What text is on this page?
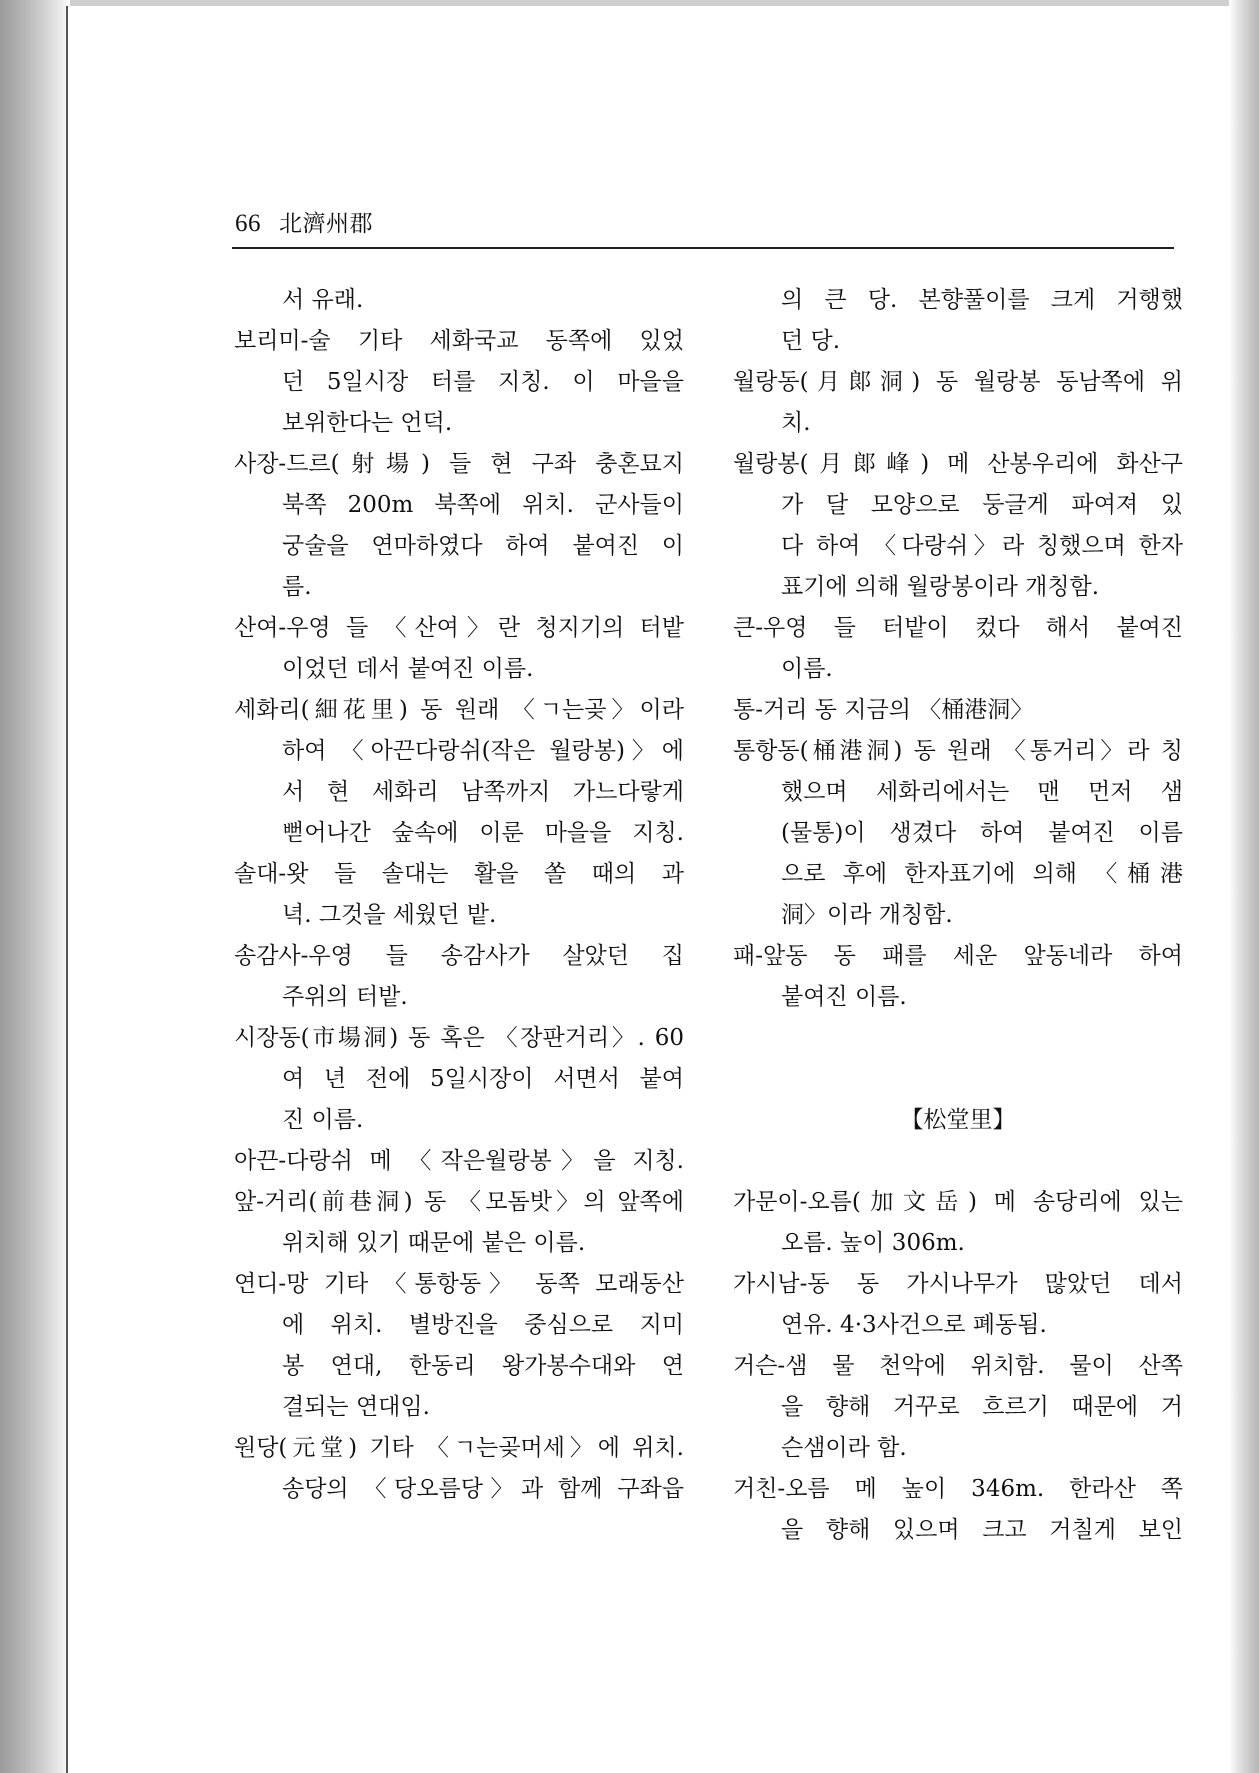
66 北濟州郡
서 유래.
보리미-술 기타 세화국교 동쪽에 있었
던 5일시장 터를 지칭. 이 마을을
보위한다는 언덕.
사장-드르(射場) 들 현 구좌 충혼묘지
북쪽 200m 북쪽에 위치. 군사들이
궁술을 연마하였다 하여 붙여진 이
름.
산여-우영 들 〈산여〉란 청지기의 터밭
이었던 데서 붙여진 이름.
세화리(細花里) 동 원래 〈ㄱ는곶〉이라
하여 〈아끈다랑쉬(작은 월랑봉)〉에
서 현 세화리 남쪽까지 가느다랗게
뻗어나간 숲속에 이룬 마을을 지칭.
솔대-왓 들 솔대는 활을 쏠 때의 과
녁. 그것을 세웠던 밭.
송감사-우영 들 송감사가 살았던 집
주위의 터밭.
시장동(市場洞) 동 혹은 〈장판거리〉. 60
여 년 전에 5일시장이 서면서 붙여
진 이름.
아끈-다랑쉬 메 〈작은월랑봉〉을 지칭.
앞-거리(前巷洞) 동 〈모돔밧〉의 앞쪽에
위치해 있기 때문에 붙은 이름.
연디-망 기타 〈통항동〉 동쪽 모래동산
에 위치. 별방진을 중심으로 지미
봉 연대, 한동리 왕가봉수대와 연
결되는 연대임.
원당(元堂) 기타 〈ㄱ는곶머세〉에 위치.
송당의 〈당오름당〉과 함께 구좌읍
의 큰 당. 본향풀이를 크게 거행했
던 당.
월랑동(月郞洞) 동 월랑봉 동남쪽에 위
치.
월랑봉(月郞峰) 메 산봉우리에 화산구
가 달 모양으로 둥글게 파여져 있
다 하여 〈다랑쉬〉라 칭했으며 한자
표기에 의해 월랑봉이라 개칭함.
큰-우영 들 터밭이 컸다 해서 붙여진
이름.
통-거리 동 지금의 〈桶港洞〉
통항동(桶港洞) 동 원래 〈통거리〉라 칭
했으며 세화리에서는 맨 먼저 샘
(물통)이 생겼다 하여 붙여진 이름
으로 후에 한자표기에 의해 〈桶港
洞〉이라 개칭함.
패-앞동 동 패를 세운 앞동네라 하여
붙여진 이름.
【松堂里】
가문이-오름(加文岳) 메 송당리에 있는
오름. 높이 306m.
가시남-동 동 가시나무가 많았던 데서
연유. 4·3사건으로 폐동됨.
거슨-샘 물 천악에 위치함. 물이 산쪽
을 향해 거꾸로 흐르기 때문에 거
슨샘이라 함.
거친-오름 메 높이 346m. 한라산 쪽
을 향해 있으며 크고 거칠게 보인
